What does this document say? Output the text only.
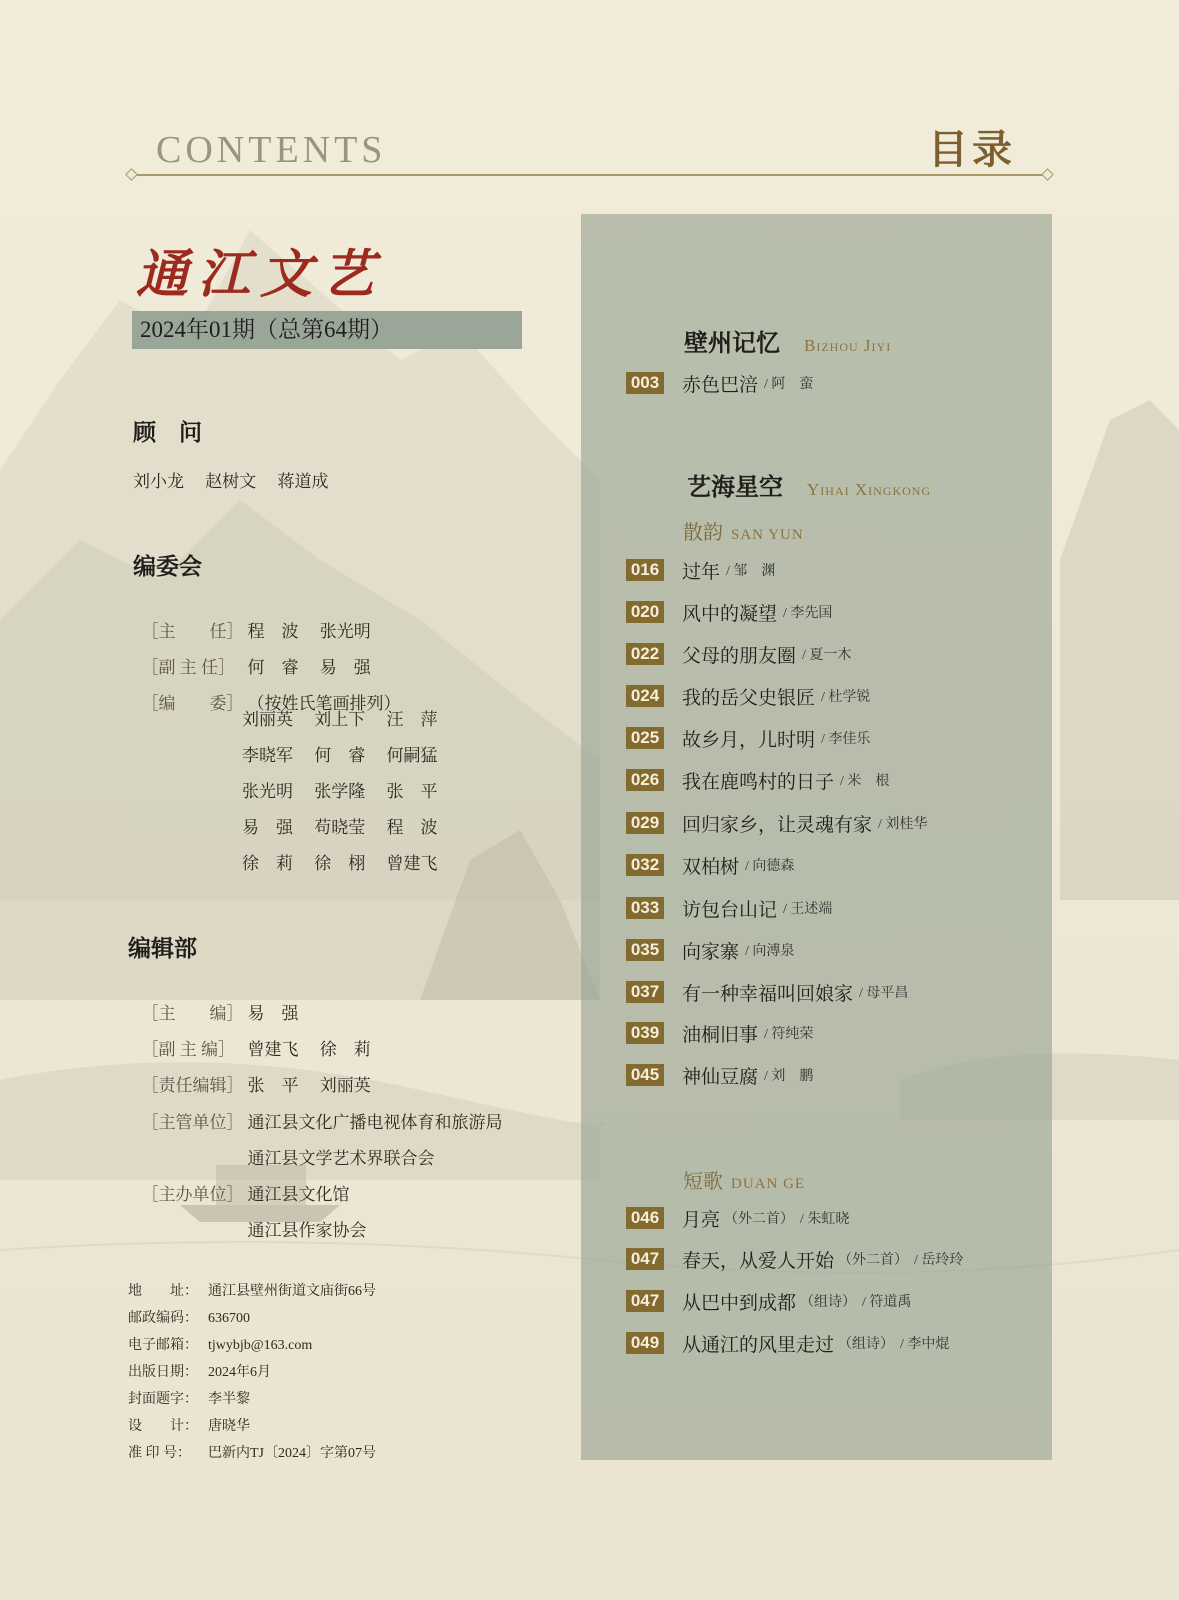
CONTENTS	目录
通江文艺
2024年01期（总第64期）
顾　问
刘小龙　 赵树文　 蒋道成
编委会

［主　　任］ 程　波　 张光明

［副 主 任］ 何　睿　 易　强

［编　　委］ （按姓氏笔画排列）

刘丽英　 刘上下　 汪　萍
李晓军　 何　睿　 何嗣猛
张光明　 张学隆　 张　平
易　强　 苟晓莹　 程　波
徐　莉　 徐　栩　 曾建飞
编辑部

［主　　编］ 易　强

［副 主 编］ 曾建飞　 徐　莉

［责任编辑］ 张　平　 刘丽英

［主管单位］ 通江县文化广播电视体育和旅游局

通江县文学艺术界联合会

［主办单位］ 通江县文化馆

通江县作家协会

地　　址： 通江县壁州街道文庙街66号
邮政编码： 636700
电子邮箱： tjwybjb@163.com
出版日期： 2024年6月
封面题字： 李半黎
设　　计： 唐晓华
准 印 号： 巴新内TJ〔2024〕字第07号
壁州记忆 Bizhou Jiyi
003 赤色巴涪 / 阿　蛮
艺海星空 Yihai Xingkong
散韵 SAN YUN
016 过年 / 邹　渊
020 风中的凝望 / 李先国
022 父母的朋友圈 / 夏一木
024 我的岳父史银匠 / 杜学锐
025 故乡月，儿时明 / 李佳乐
026 我在鹿鸣村的日子 / 米　根
029 回归家乡，让灵魂有家 / 刘桂华
032 双柏树 / 向德森
033 访包台山记 / 王述端
035 向家寨 / 向溥泉
037 有一种幸福叫回娘家 / 母平昌
039 油桐旧事 / 符纯荣
045 神仙豆腐 / 刘　鹏
短歌 DUAN GE
046 月亮 （外二首） / 朱虹晓
047 春天，从爱人开始 （外二首） / 岳玲玲
047 从巴中到成都 （组诗） / 符道禹
049 从通江的风里走过 （组诗） / 李中焜
